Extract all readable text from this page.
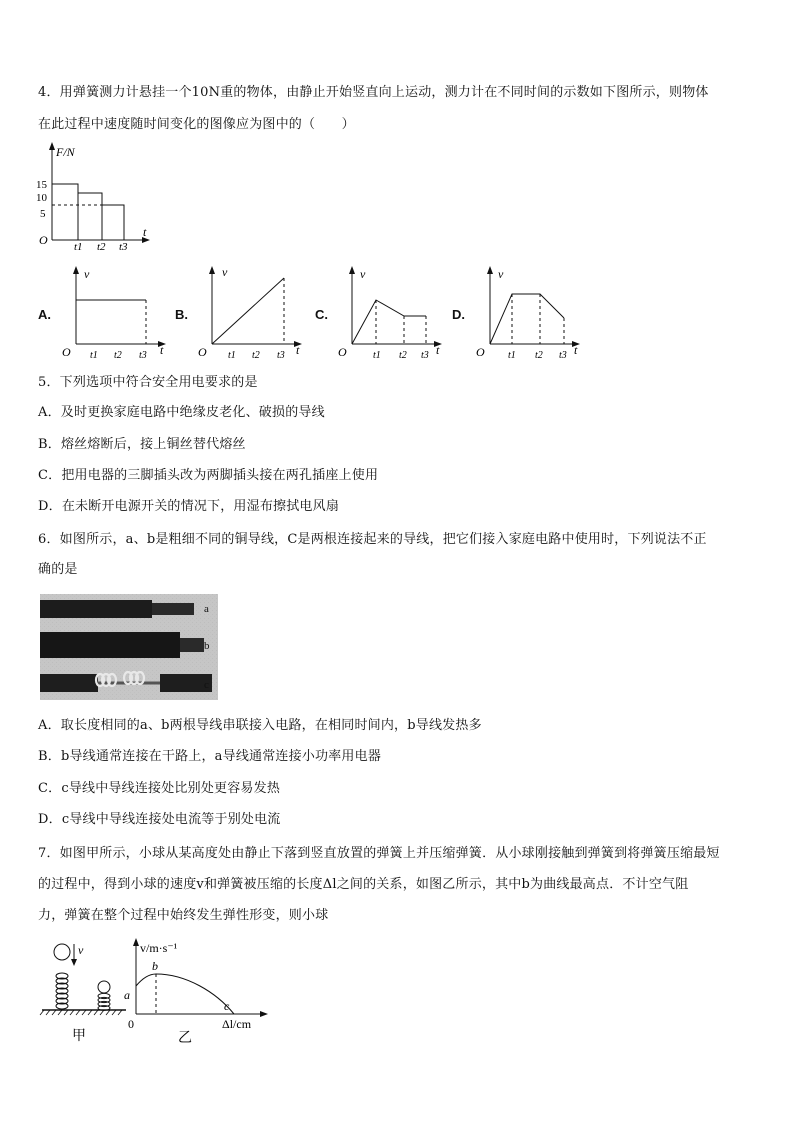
4．用弹簧测力计悬挂一个10N重的物体，由静止开始竖直向上运动，测力计在不同时间的示数如下图所示，则物体
在此过程中速度随时间变化的图像应为图中的（　　）
F/N
15
10
5
O
t
t1 t2 t3
A.
v
O	t
t1 t2 t3
B.
v
O	t
t1 t2 t3
C.
v
O	t
t1 t2 t3
D.
v
O	t
t1 t2 t3
5．下列选项中符合安全用电要求的是
A．及时更换家庭电路中绝缘皮老化、破损的导线
B．熔丝熔断后，接上铜丝替代熔丝
C．把用电器的三脚插头改为两脚插头接在两孔插座上使用
D．在未断开电源开关的情况下，用湿布擦拭电风扇
6．如图所示，a、b是粗细不同的铜导线，C是两根连接起来的导线，把它们接入家庭电路中使用时，下列说法不正
确的是
a
b
c
A．取长度相同的a、b两根导线串联接入电路，在相同时间内，b导线发热多
B．b导线通常连接在干路上，a导线通常连接小功率用电器
C．c导线中导线连接处比别处更容易发热
D．c导线中导线连接处电流等于别处电流
7．如图甲所示，小球从某高度处由静止下落到竖直放置的弹簧上并压缩弹簧．从小球刚接触到弹簧到将弹簧压缩最短
的过程中，得到小球的速度v和弹簧被压缩的长度Δl之间的关系，如图乙所示，其中b为曲线最高点．不计空气阻
力，弹簧在整个过程中始终发生弹性形变，则小球
v
甲
v/m·s⁻¹
a
b
c
0	Δl/cm
乙
